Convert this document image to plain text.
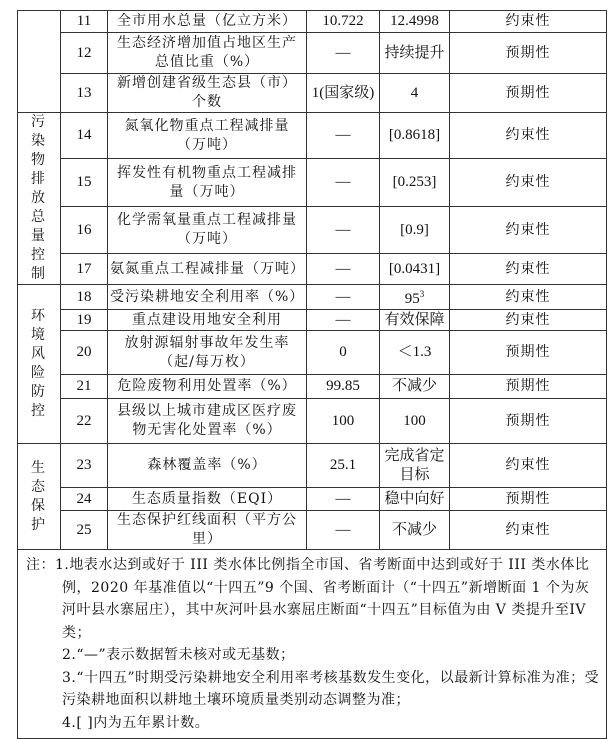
	11	全市用水总量（亿立方米）	10.722	12.4998	约束性
	12	生态经济增加值占地区生产总值比重（%）	—	持续提升	预期性
	13	新增创建省级生态县（市）个数	1(国家级)	4	预期性
污染物排放总量控制	14	氮氧化物重点工程减排量（万吨）	—	[0.8618]	约束性
	15	挥发性有机物重点工程减排量（万吨）	—	[0.253]	约束性
	16	化学需氧量重点工程减排量（万吨）	—	[0.9]	约束性
	17	氨氮重点工程减排量（万吨）	—	[0.0431]	约束性
环境风险防控	18	受污染耕地安全利用率（%）	—	$95^3$	约束性
	19	重点建设用地安全利用	—	有效保障	约束性
	20	放射源辐射事故年发生率（起/每万枚）	0	＜1.3	预期性
	21	危险废物利用处置率（%）	99.85	不减少	预期性
	22	县级以上城市建成区医疗废物无害化处置率（%）	100	100	预期性
生态保护	23	森林覆盖率（%）	25.1	完成省定目标	约束性
	24	生态质量指数（EQI）	—	稳中向好	预期性
	25	生态保护红线面积（平方公里）	—	不减少	约束性

注：1.地表水达到或好于 III 类水体比例指全市国、省考断面中达到或好于 III 类水体比例，2020 年基准值以“十四五”9 个国、省考断面计（“十四五”新增断面 1 个为灰河叶县水寨屈庄），其中灰河叶县水寨屈庄断面“十四五”目标值为由 V 类提升至IV类；
2.“—”表示数据暂未核对或无基数；
3.“十四五”时期受污染耕地安全利用率考核基数发生变化，以最新计算标准为准；受污染耕地面积以耕地土壤环境质量类别动态调整为准；
4.[ ]内为五年累计数。					
